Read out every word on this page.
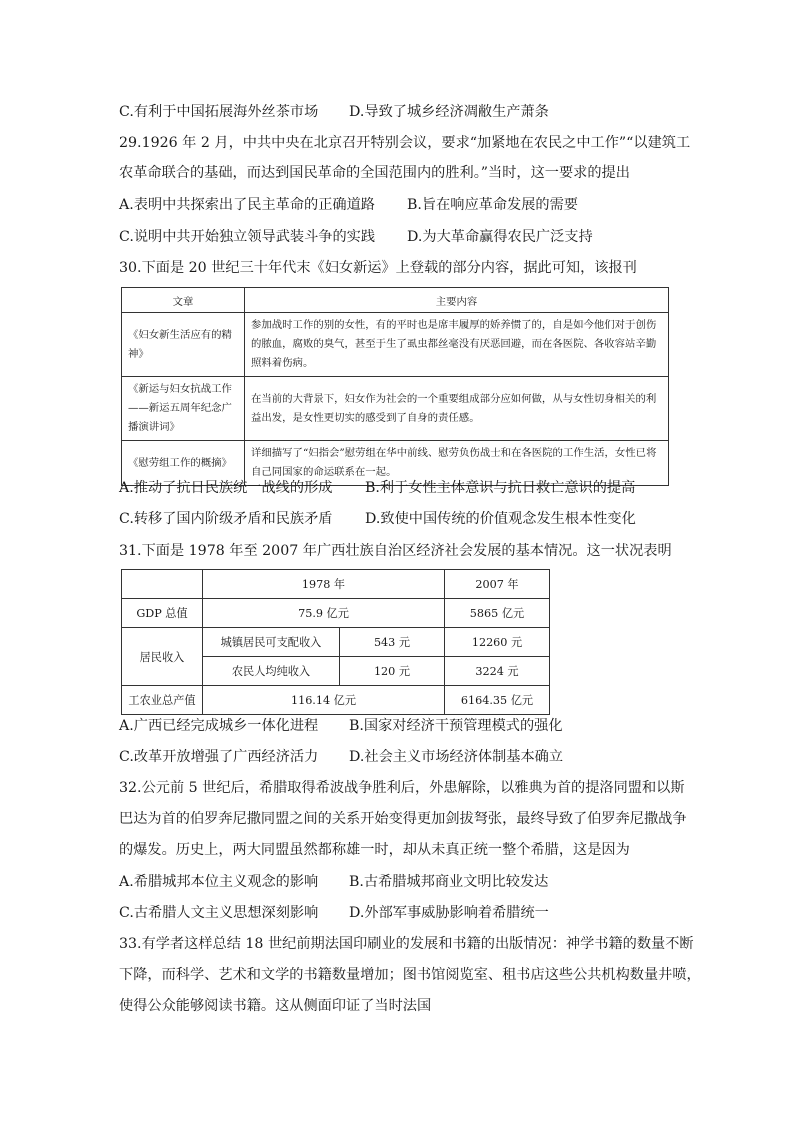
C.有利于中国拓展海外丝茶市场 D.导致了城乡经济凋敝生产萧条
29.1926 年 2 月，中共中央在北京召开特别会议，要求“加紧地在农民之中工作”“以建筑工
农革命联合的基础，而达到国民革命的全国范围内的胜利。”当时，这一要求的提出
A.表明中共探索出了民主革命的正确道路 B.旨在响应革命发展的需要
C.说明中共开始独立领导武装斗争的实践 D.为大革命赢得农民广泛支持
30.下面是 20 世纪三十年代末《妇女新运》上登载的部分内容，据此可知，该报刊
文章	主要内容
《妇女新生活应有的精神》	参加战时工作的别的女性，有的平时也是席丰履厚的娇养惯了的，自是如今他们对于创伤的脓血，腐败的臭气，甚至于生了虱虫都丝毫没有厌恶回避，而在各医院、各收容站辛勤照料着伤病。
《新运与妇女抗战工作——新运五周年纪念广播演讲词》	在当前的大背景下，妇女作为社会的一个重要组成部分应如何做，从与女性切身相关的利益出发，是女性更切实的感受到了自身的责任感。
《慰劳组工作的概摘》	详细描写了“妇指会”慰劳组在华中前线、慰劳负伤战士和在各医院的工作生活，女性已将自己同国家的命运联系在一起。
A.推动了抗日民族统一战线的形成 B.利于女性主体意识与抗日救亡意识的提高
C.转移了国内阶级矛盾和民族矛盾 D.致使中国传统的价值观念发生根本性变化
31.下面是 1978 年至 2007 年广西壮族自治区经济社会发展的基本情况。这一状况表明
	1978 年		2007 年
GDP 总值	75.9 亿元		5865 亿元
居民收入	城镇居民可支配收入	543 元	12260 元
	农民人均纯收入	120 元	3224 元
工农业总产值	116.14 亿元		6164.35 亿元
A.广西已经完成城乡一体化进程 B.国家对经济干预管理模式的强化
C.改革开放增强了广西经济活力 D.社会主义市场经济体制基本确立
32.公元前 5 世纪后，希腊取得希波战争胜利后，外患解除，以雅典为首的提洛同盟和以斯
巴达为首的伯罗奔尼撒同盟之间的关系开始变得更加剑拔弩张，最终导致了伯罗奔尼撒战争
的爆发。历史上，两大同盟虽然都称雄一时，却从未真正统一整个希腊，这是因为
A.希腊城邦本位主义观念的影响 B.古希腊城邦商业文明比较发达
C.古希腊人文主义思想深刻影响 D.外部军事威胁影响着希腊统一
33.有学者这样总结 18 世纪前期法国印刷业的发展和书籍的出版情况：神学书籍的数量不断
下降，而科学、艺术和文学的书籍数量增加；图书馆阅览室、租书店这些公共机构数量井喷，
使得公众能够阅读书籍。这从侧面印证了当时法国
